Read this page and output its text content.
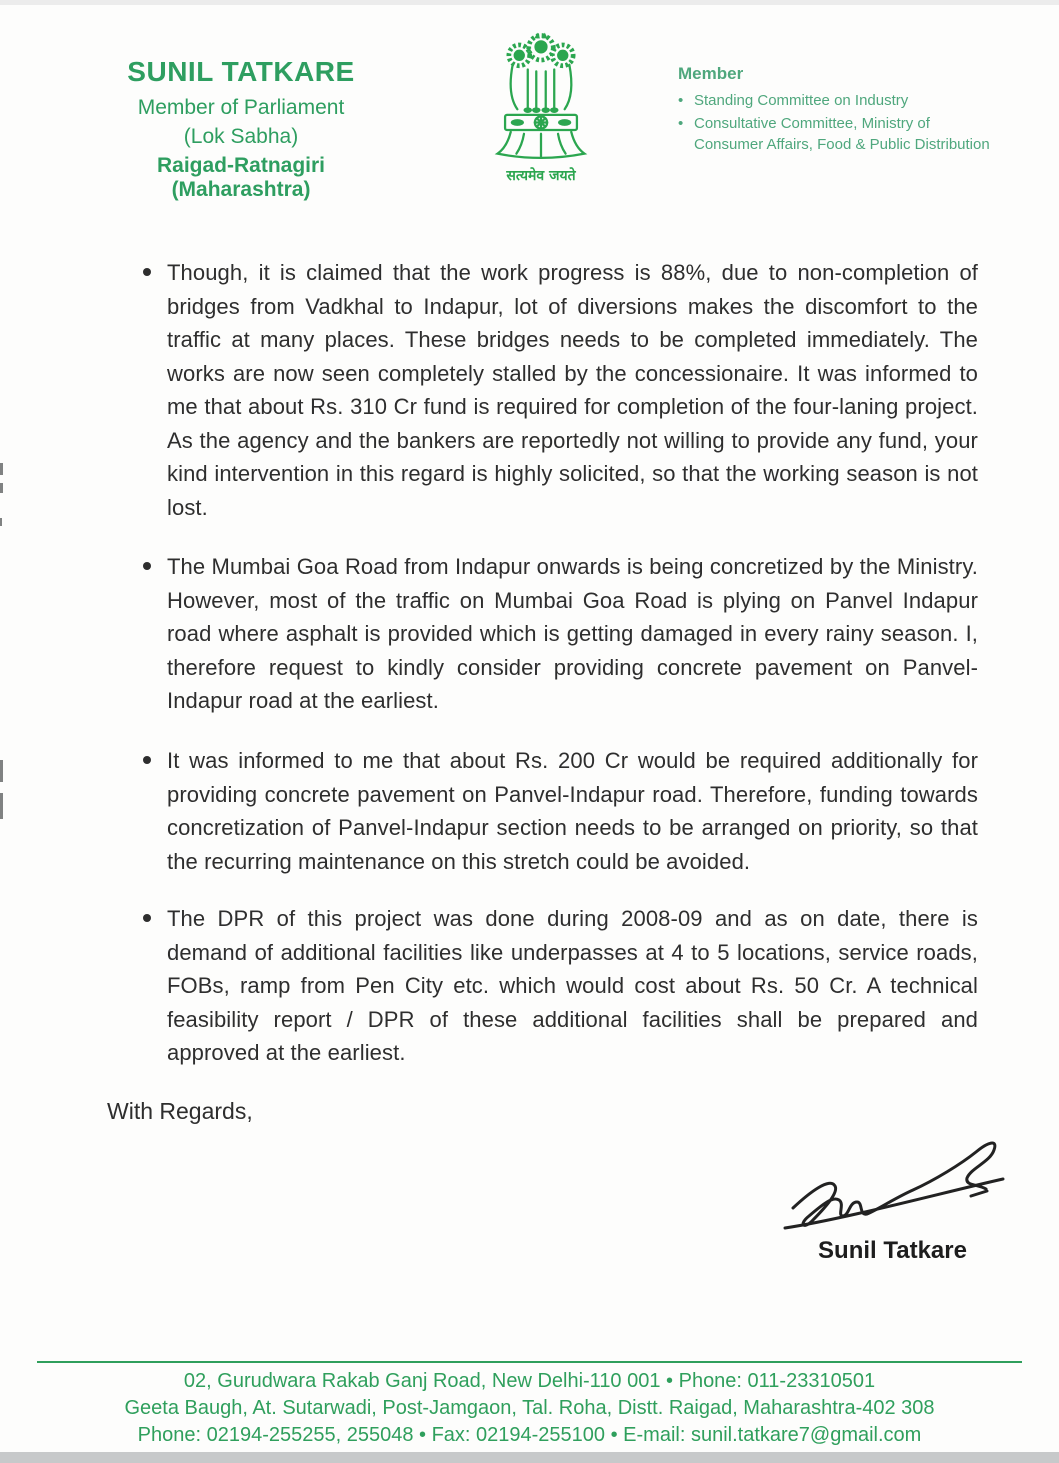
SUNIL TATKARE
Member of Parliament
(Lok Sabha)
Raigad-Ratnagiri (Maharashtra)
सत्यमेव जयते
Member
• Standing Committee on Industry
• Consultative Committee, Ministry of Consumer Affairs, Food & Public Distribution

Though, it is claimed that the work progress is 88%, due to non-completion of bridges from Vadkhal to Indapur, lot of diversions makes the discomfort to the traffic at many places. These bridges needs to be completed immediately. The works are now seen completely stalled by the concessionaire. It was informed to me that about Rs. 310 Cr fund is required for completion of the four-laning project. As the agency and the bankers are reportedly not willing to provide any fund, your kind intervention in this regard is highly solicited, so that the working season is not lost.

The Mumbai Goa Road from Indapur onwards is being concretized by the Ministry. However, most of the traffic on Mumbai Goa Road is plying on Panvel Indapur road where asphalt is provided which is getting damaged in every rainy season. I, therefore request to kindly consider providing concrete pavement on Panvel-Indapur road at the earliest.

It was informed to me that about Rs. 200 Cr would be required additionally for providing concrete pavement on Panvel-Indapur road. Therefore, funding towards concretization of Panvel-Indapur section needs to be arranged on priority, so that the recurring maintenance on this stretch could be avoided.

The DPR of this project was done during 2008-09 and as on date, there is demand of additional facilities like underpasses at 4 to 5 locations, service roads, FOBs, ramp from Pen City etc. which would cost about Rs. 50 Cr. A technical feasibility report / DPR of these additional facilities shall be prepared and approved at the earliest.

With Regards,
Sunil Tatkare
02, Gurudwara Rakab Ganj Road, New Delhi-110 001 • Phone: 011-23310501
Geeta Baugh, At. Sutarwadi, Post-Jamgaon, Tal. Roha, Distt. Raigad, Maharashtra-402 308
Phone: 02194-255255, 255048 • Fax: 02194-255100 • E-mail: sunil.tatkare7@gmail.com
